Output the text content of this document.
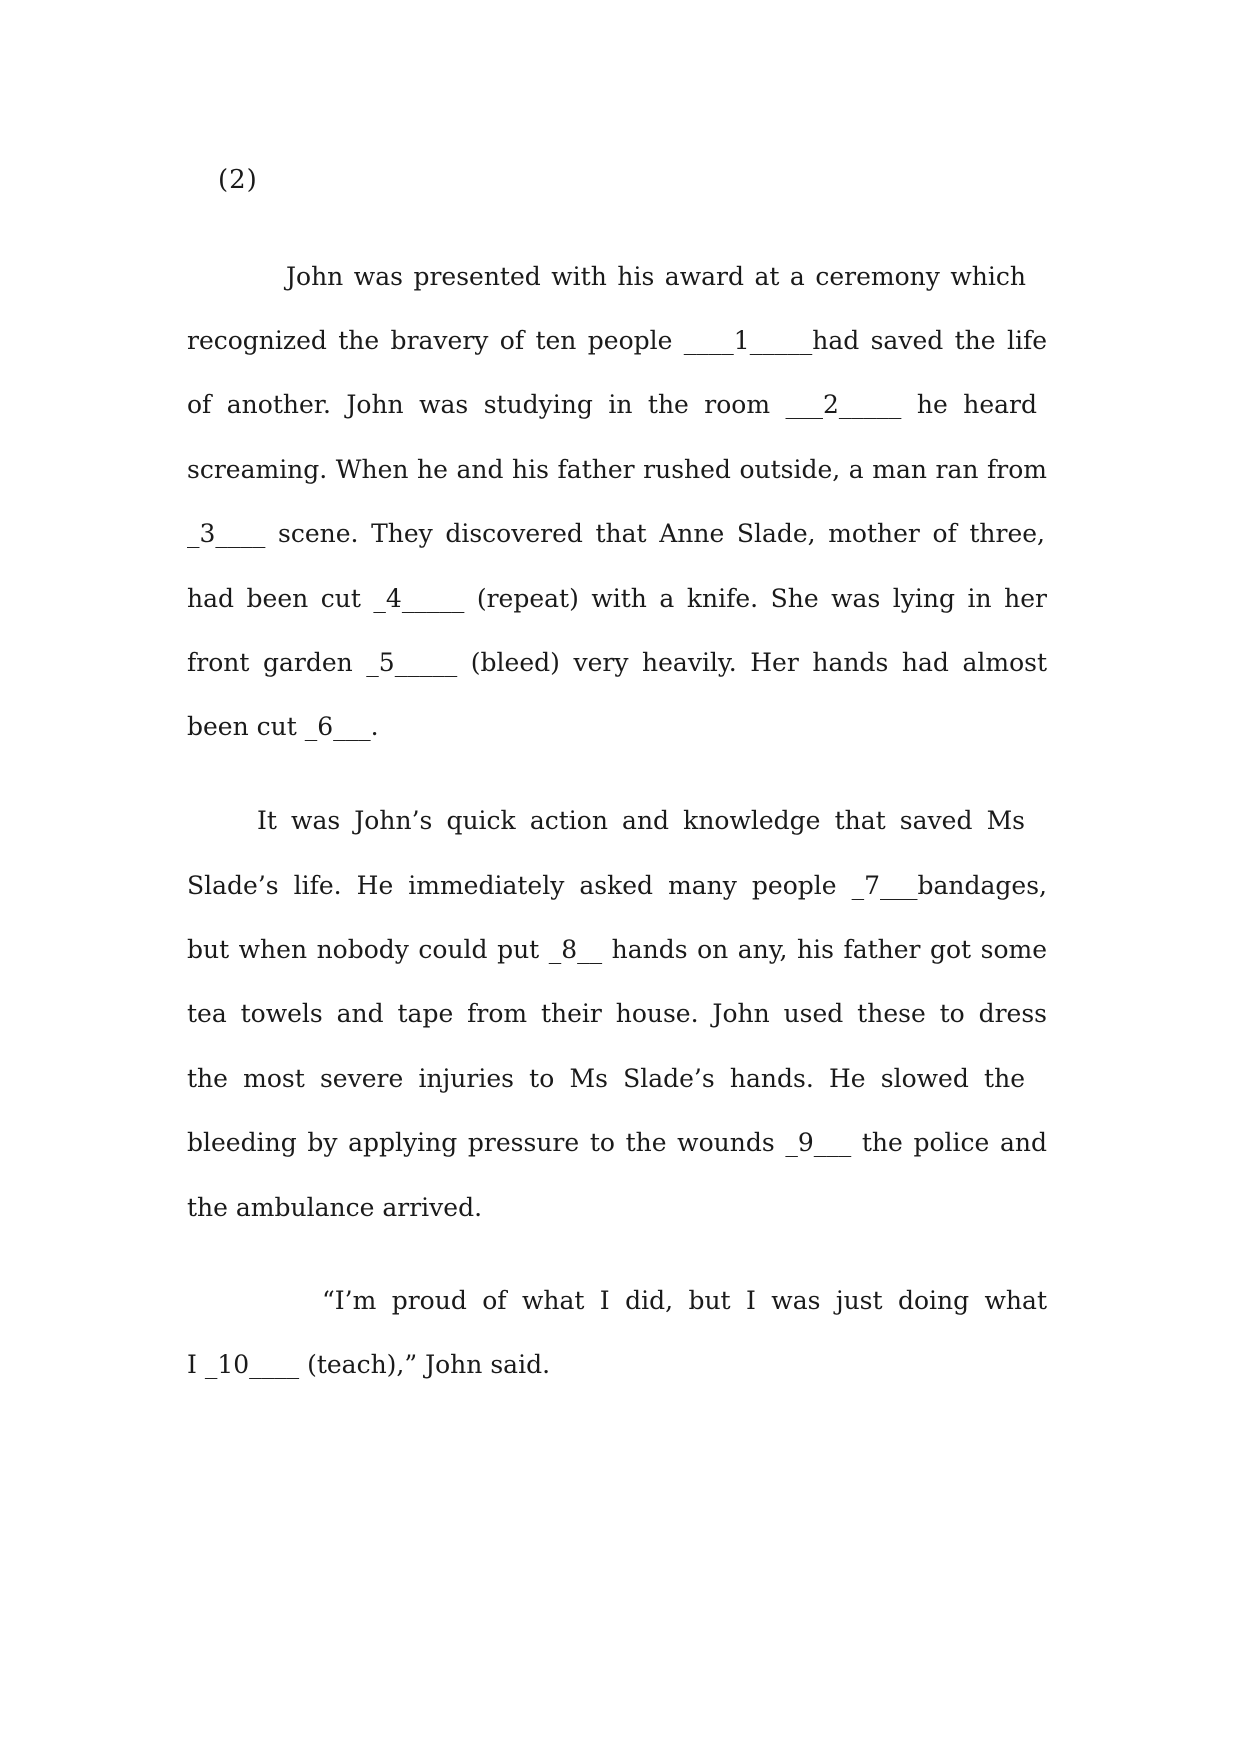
(2)
John was presented with his award at a ceremony which
recognized the bravery of ten people ____1_____had saved the life
of another. John was studying in the room ___2_____ he heard
screaming. When he and his father rushed outside, a man ran from
_3____ scene. They discovered that Anne Slade, mother of three,
had been cut _4_____ (repeat) with a knife. She was lying in her
front garden _5_____ (bleed) very heavily. Her hands had almost
been cut _6___.
It was John’s quick action and knowledge that saved Ms
Slade’s life. He immediately asked many people _7___bandages,
but when nobody could put _8__ hands on any, his father got some
tea towels and tape from their house. John used these to dress
the most severe injuries to Ms Slade’s hands. He slowed the
bleeding by applying pressure to the wounds _9___ the police and
the ambulance arrived.
“I’m proud of what I did, but I was just doing what
I _10____ (teach),” John said.
